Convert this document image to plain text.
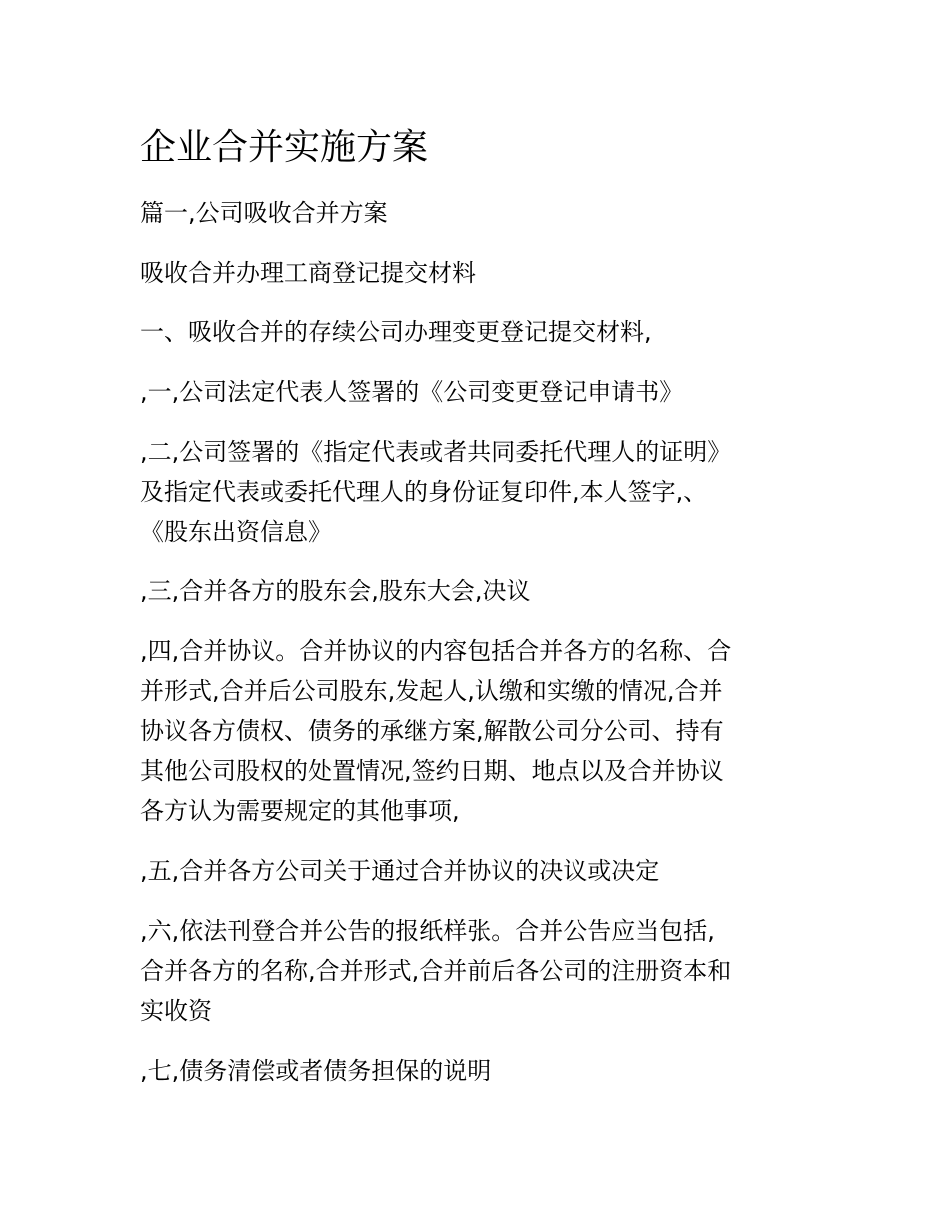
企业合并实施方案

篇一,公司吸收合并方案

吸收合并办理工商登记提交材料

一、吸收合并的存续公司办理变更登记提交材料,

,一,公司法定代表人签署的《公司变更登记申请书》

,二,公司签署的《指定代表或者共同委托代理人的证明》
及指定代表或委托代理人的身份证复印件,本人签字,、
《股东出资信息》

,三,合并各方的股东会,股东大会,决议

,四,合并协议。合并协议的内容包括合并各方的名称、合
并形式,合并后公司股东,发起人,认缴和实缴的情况,合并
协议各方债权、债务的承继方案,解散公司分公司、持有
其他公司股权的处置情况,签约日期、地点以及合并协议
各方认为需要规定的其他事项,

,五,合并各方公司关于通过合并协议的决议或决定

,六,依法刊登合并公告的报纸样张。合并公告应当包括,
合并各方的名称,合并形式,合并前后各公司的注册资本和
实收资

,七,债务清偿或者债务担保的说明
